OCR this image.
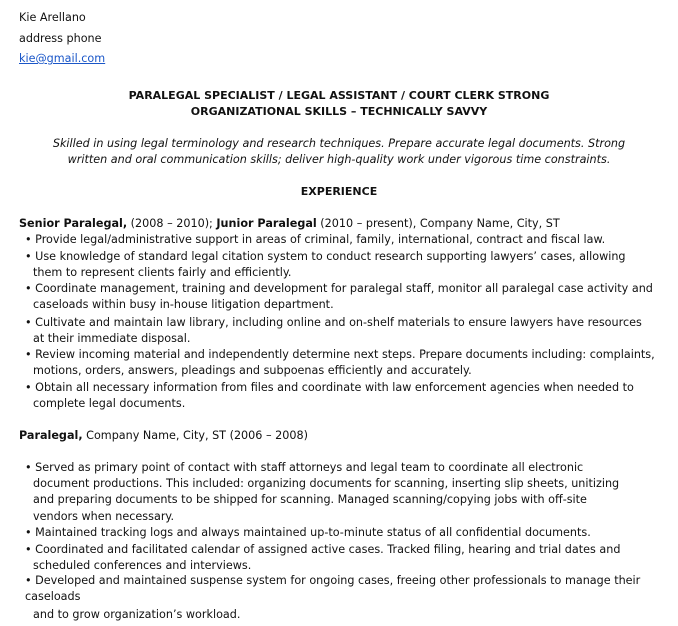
Kie Arellano
address phone
kie@gmail.com
PARALEGAL SPECIALIST / LEGAL ASSISTANT / COURT CLERK STRONG
ORGANIZATIONAL SKILLS – TECHNICALLY SAVVY
Skilled in using legal terminology and research techniques. Prepare accurate legal documents. Strong
written and oral communication skills; deliver high-quality work under vigorous time constraints.
EXPERIENCE
Senior Paralegal, (2008 – 2010); Junior Paralegal (2010 – present), Company Name, City, ST
• Provide legal/administrative support in areas of criminal, family, international, contract and fiscal law.
• Use knowledge of standard legal citation system to conduct research supporting lawyers’ cases, allowing
them to represent clients fairly and efficiently.
• Coordinate management, training and development for paralegal staff, monitor all paralegal case activity and
caseloads within busy in-house litigation department.
• Cultivate and maintain law library, including online and on-shelf materials to ensure lawyers have resources
at their immediate disposal.
• Review incoming material and independently determine next steps. Prepare documents including: complaints,
motions, orders, answers, pleadings and subpoenas efficiently and accurately.
• Obtain all necessary information from files and coordinate with law enforcement agencies when needed to
complete legal documents.
Paralegal, Company Name, City, ST (2006 – 2008)
• Served as primary point of contact with staff attorneys and legal team to coordinate all electronic
document productions. This included: organizing documents for scanning, inserting slip sheets, unitizing
and preparing documents to be shipped for scanning. Managed scanning/copying jobs with off-site
vendors when necessary.
• Maintained tracking logs and always maintained up-to-minute status of all confidential documents.
• Coordinated and facilitated calendar of assigned active cases. Tracked filing, hearing and trial dates and
scheduled conferences and interviews.
• Developed and maintained suspense system for ongoing cases, freeing other professionals to manage their
caseloads
and to grow organization’s workload.
